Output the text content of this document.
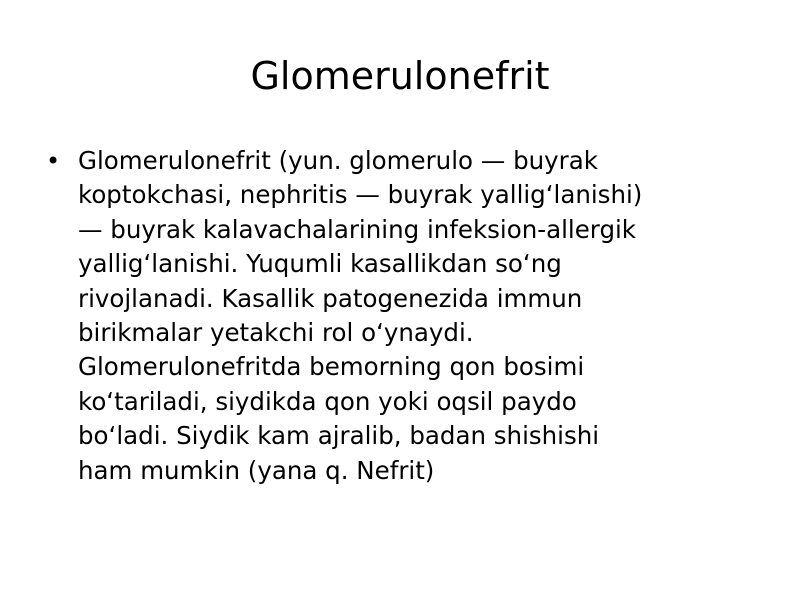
Glomerulonefrit
• Glomerulonefrit (yun. glomerulo — buyrak
koptokchasi, nephritis — buyrak yallig‘lanishi)
— buyrak kalavachalarining infeksion-allergik
yallig‘lanishi. Yuqumli kasallikdan so‘ng
rivojlanadi. Kasallik patogenezida immun
birikmalar yetakchi rol o‘ynaydi.
Glomerulonefritda bemorning qon bosimi
ko‘tariladi, siydikda qon yoki oqsil paydo
bo‘ladi. Siydik kam ajralib, badan shishishi
ham mumkin (yana q. Nefrit)
